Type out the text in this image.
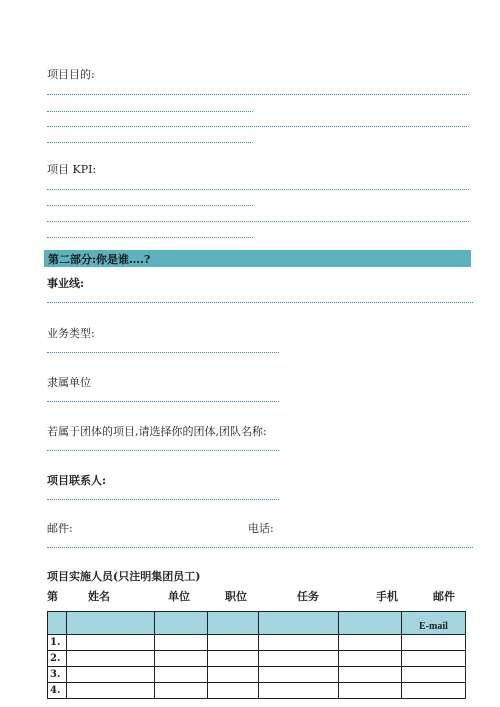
项目目的:
项目 KPI:
第二部分:你是谁….?
事业线:
业务类型:
隶属单位
若属于团体的项目,请选择你的团体,团队名称:
项目联系人:
邮件:	电话:
项目实施人员(只注明集团员工)
第	姓名	单位	职位	任务	手机	邮件
						E-mail
1.						
2.						
3.						
4.						
